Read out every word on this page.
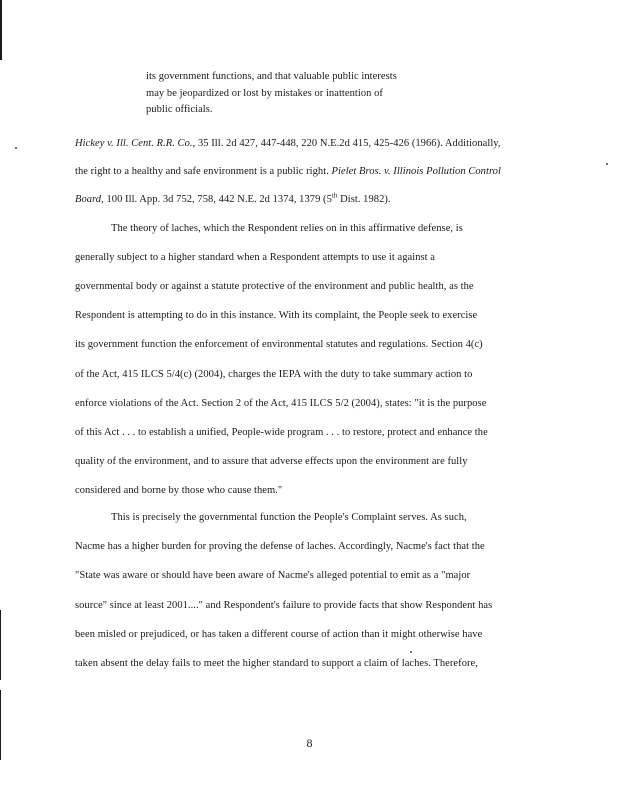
its government functions, and that valuable public interests
may be jeopardized or lost by mistakes or inattention of
public officials.
Hickey v. Ill. Cent. R.R. Co., 35 Ill. 2d 427, 447-448, 220 N.E.2d 415, 425-426 (1966). Additionally,
the right to a healthy and safe environment is a public right. Pielet Bros. v. Illinois Pollution Control
Board, 100 Ill. App. 3d 752, 758, 442 N.E. 2d 1374, 1379 (5th Dist. 1982).
The theory of laches, which the Respondent relies on in this affirmative defense, is
generally subject to a higher standard when a Respondent attempts to use it against a
governmental body or against a statute protective of the environment and public health, as the
Respondent is attempting to do in this instance. With its complaint, the People seek to exercise
its government function the enforcement of environmental statutes and regulations. Section 4(c)
of the Act, 415 ILCS 5/4(c) (2004), charges the IEPA with the duty to take summary action to
enforce violations of the Act. Section 2 of the Act, 415 ILCS 5/2 (2004), states: "it is the purpose
of this Act . . . to establish a unified, People-wide program . . . to restore, protect and enhance the
quality of the environment, and to assure that adverse effects upon the environment are fully
considered and borne by those who cause them."
This is precisely the governmental function the People's Complaint serves. As such,
Nacme has a higher burden for proving the defense of laches. Accordingly, Nacme's fact that the
"State was aware or should have been aware of Nacme's alleged potential to emit as a "major
source" since at least 2001...." and Respondent's failure to provide facts that show Respondent has
been misled or prejudiced, or has taken a different course of action than it might otherwise have
taken absent the delay fails to meet the higher standard to support a claim of laches. Therefore,
8
